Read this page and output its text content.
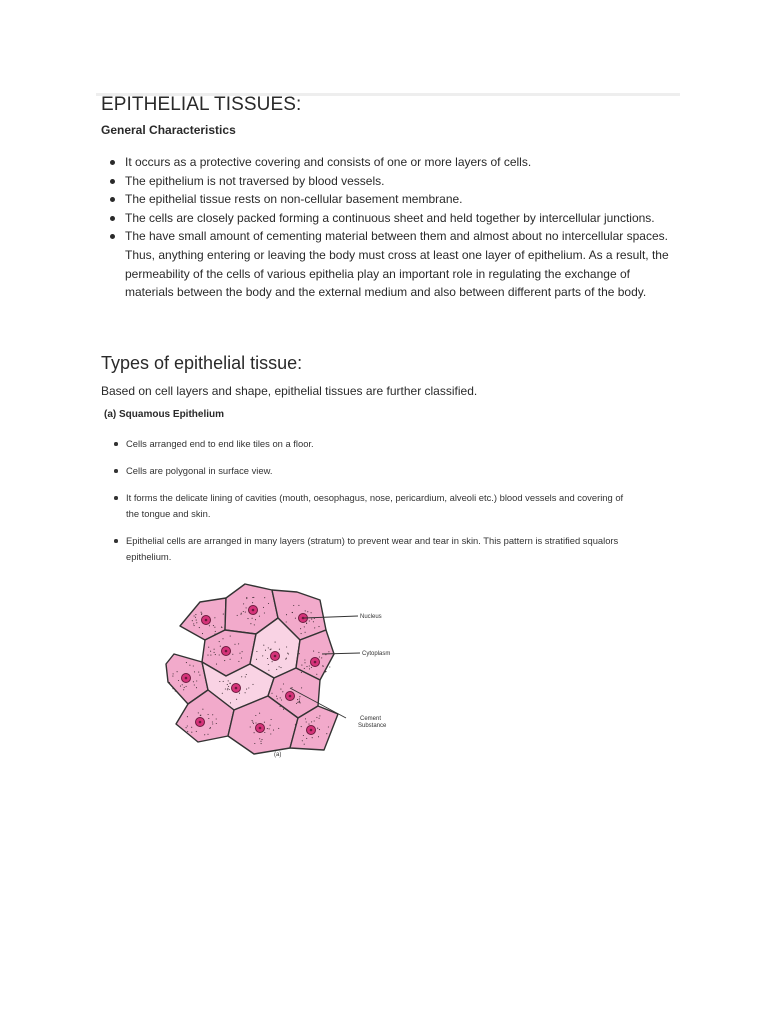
EPITHELIAL TISSUES:
General Characteristics
It occurs as a protective covering and consists of one or more layers of cells.
The epithelium is not traversed by blood vessels.
The epithelial tissue rests on non-cellular basement membrane.
The cells are closely packed forming a continuous sheet and held together by intercellular junctions.
The have small amount of cementing material between them and almost about no intercellular spaces. Thus, anything entering or leaving the body must cross at least one layer of epithelium. As a result, the permeability of the cells of various epithelia play an important role in regulating the exchange of materials between the body and the external medium and also between different parts of the body.
Types of epithelial tissue:

Based on cell layers and shape, epithelial tissues are further classified.

(a) Squamous Epithelium
Cells arranged end to end like tiles on a floor.
Cells are polygonal in surface view.
It forms the delicate lining of cavities (mouth, oesophagus, nose, pericardium, alveoli etc.) blood vessels and covering of the tongue and skin.
Epithelial cells are arranged in many layers (stratum) to prevent wear and tear in skin. This pattern is stratified squalors epithelium.
Nucleus
Cytoplasm
Cement
Substance
(a)
